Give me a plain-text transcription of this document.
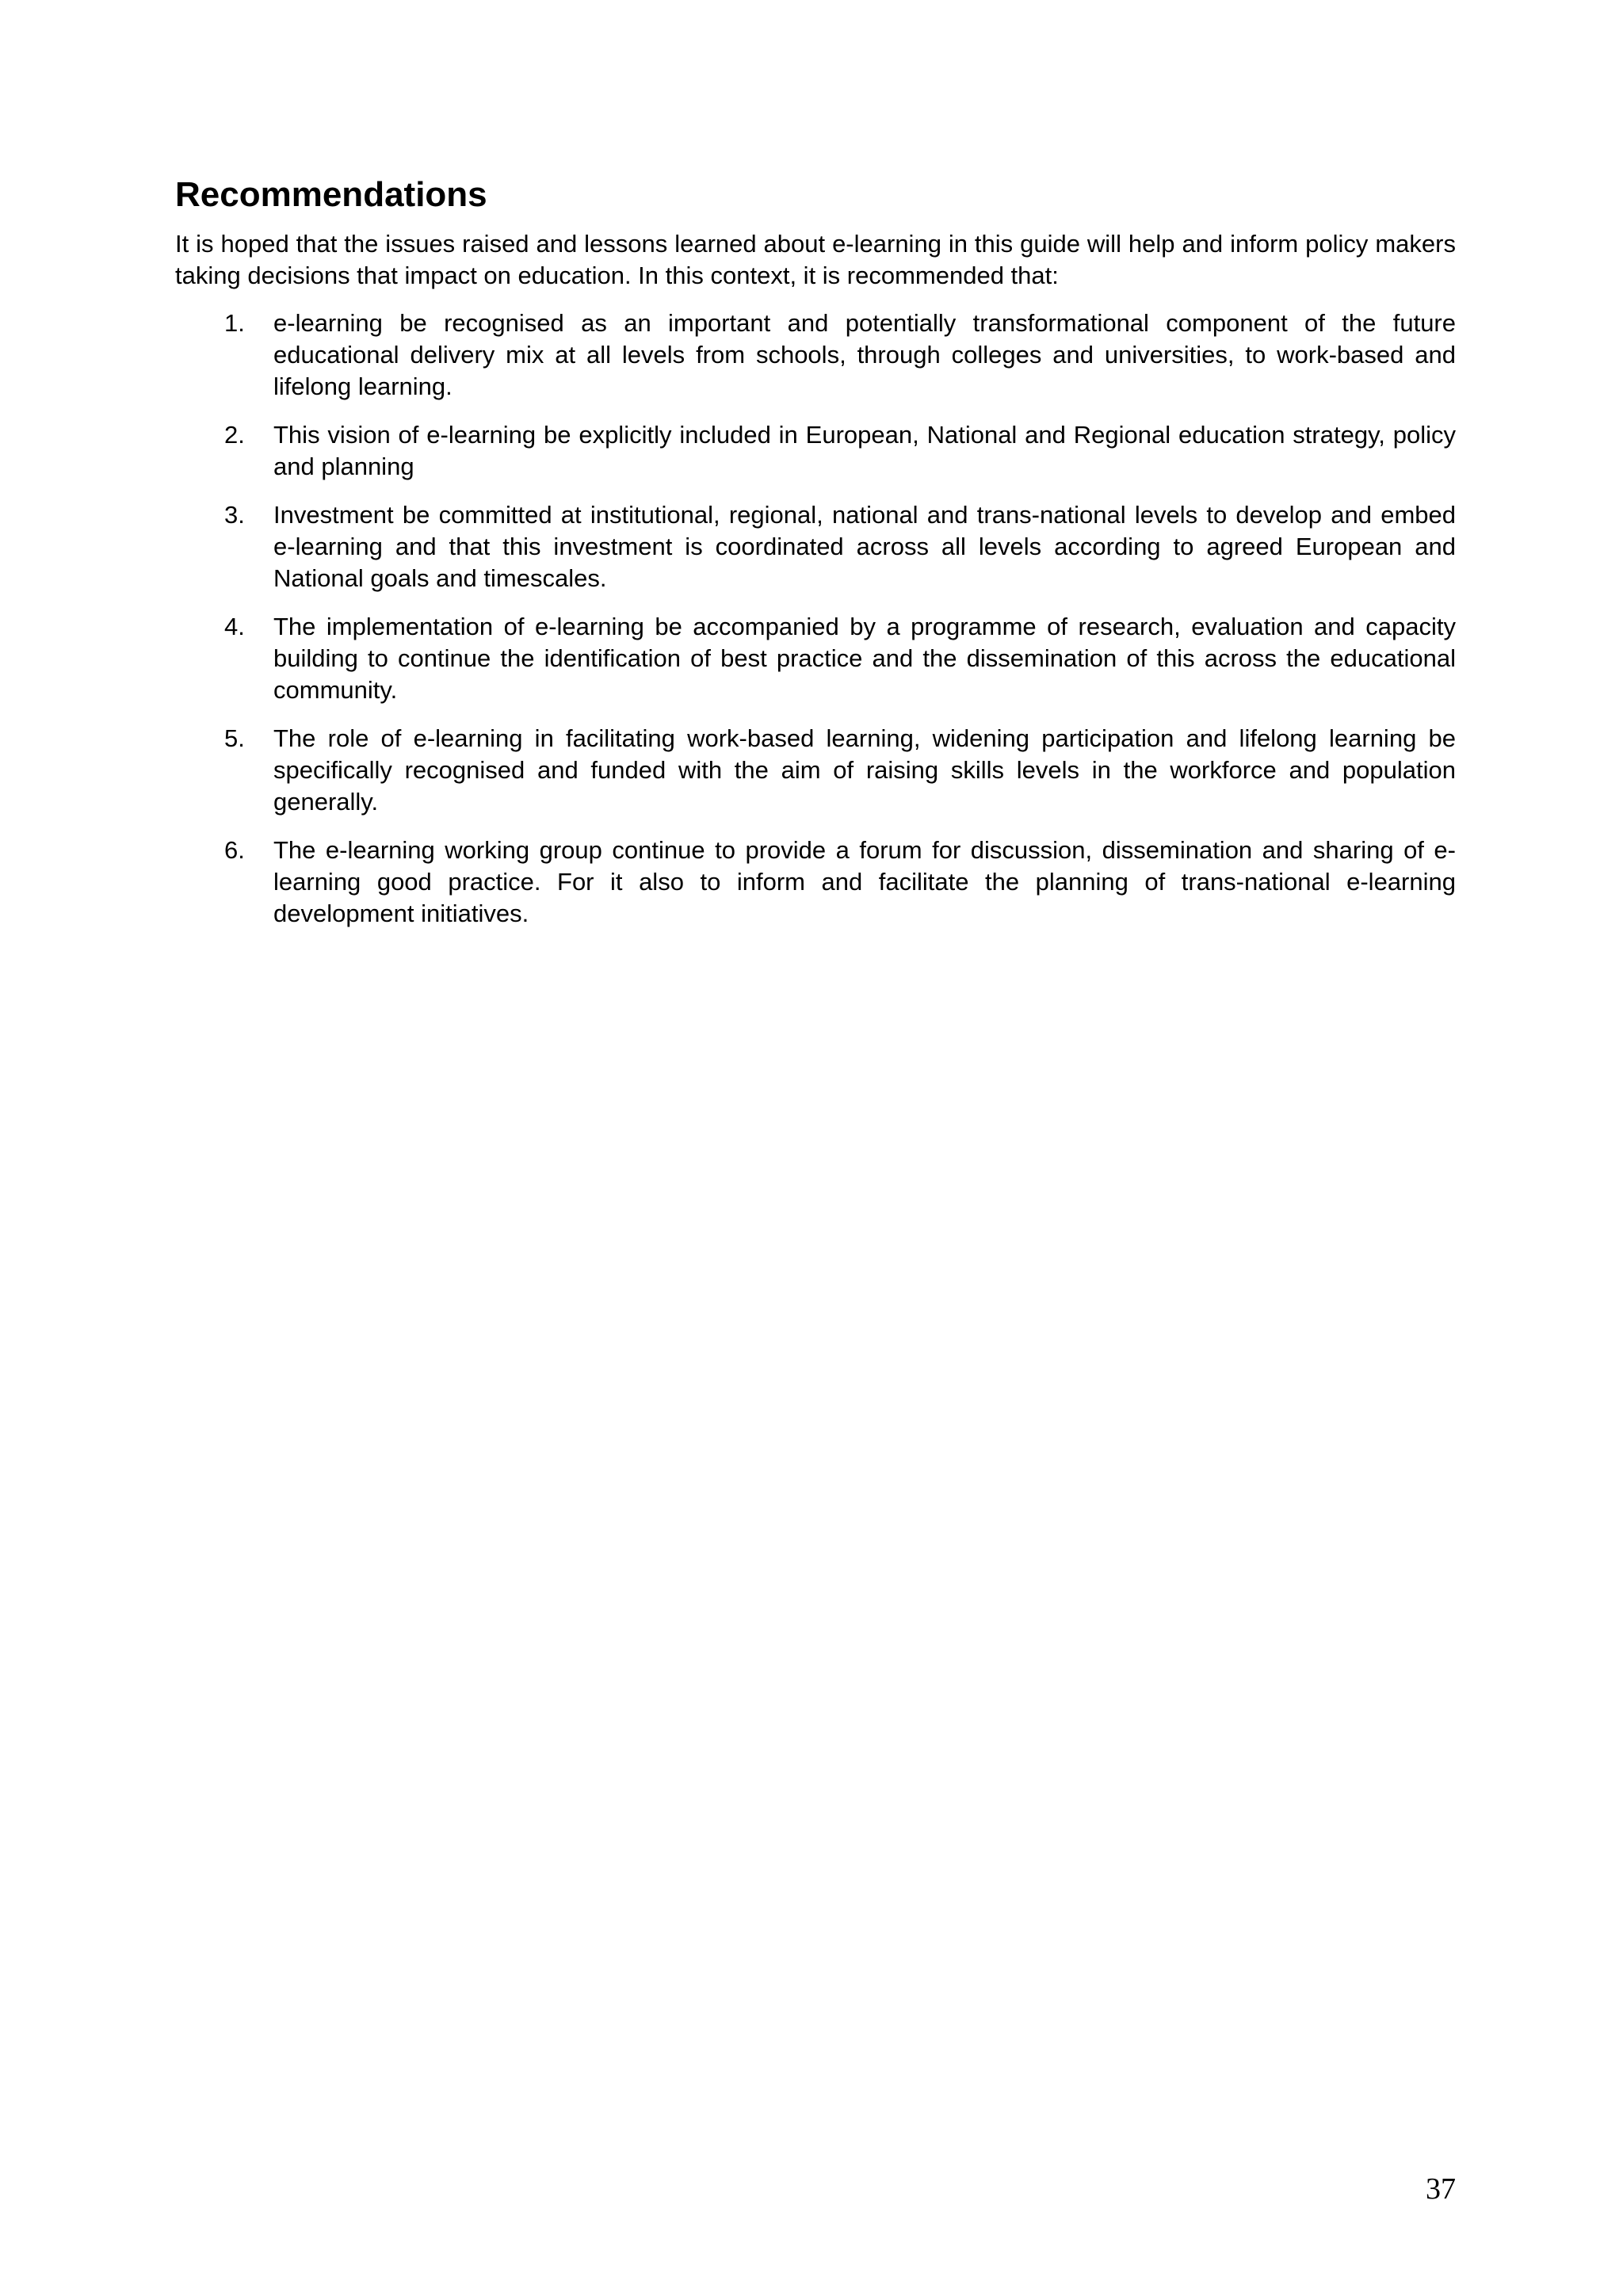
Recommendations

It is hoped that the issues raised and lessons learned about e-learning in this guide will help and inform policy makers taking decisions that impact on education. In this context, it is recommended that:

1. e-learning be recognised as an important and potentially transformational component of the future educational delivery mix at all levels from schools, through colleges and universities, to work-based and lifelong learning.
2. This vision of e-learning be explicitly included in European, National and Regional education strategy, policy and planning
3. Investment be committed at institutional, regional, national and trans-national levels to develop and embed e-learning and that this investment is coordinated across all levels according to agreed European and National goals and timescales.
4. The implementation of e-learning be accompanied by a programme of research, evaluation and capacity building to continue the identification of best practice and the dissemination of this across the educational community.
5. The role of e-learning in facilitating work-based learning, widening participation and lifelong learning be specifically recognised and funded with the aim of raising skills levels in the workforce and population generally.
6. The e-learning working group continue to provide a forum for discussion, dissemination and sharing of e-learning good practice. For it also to inform and facilitate the planning of trans-national e-learning development initiatives.
37
